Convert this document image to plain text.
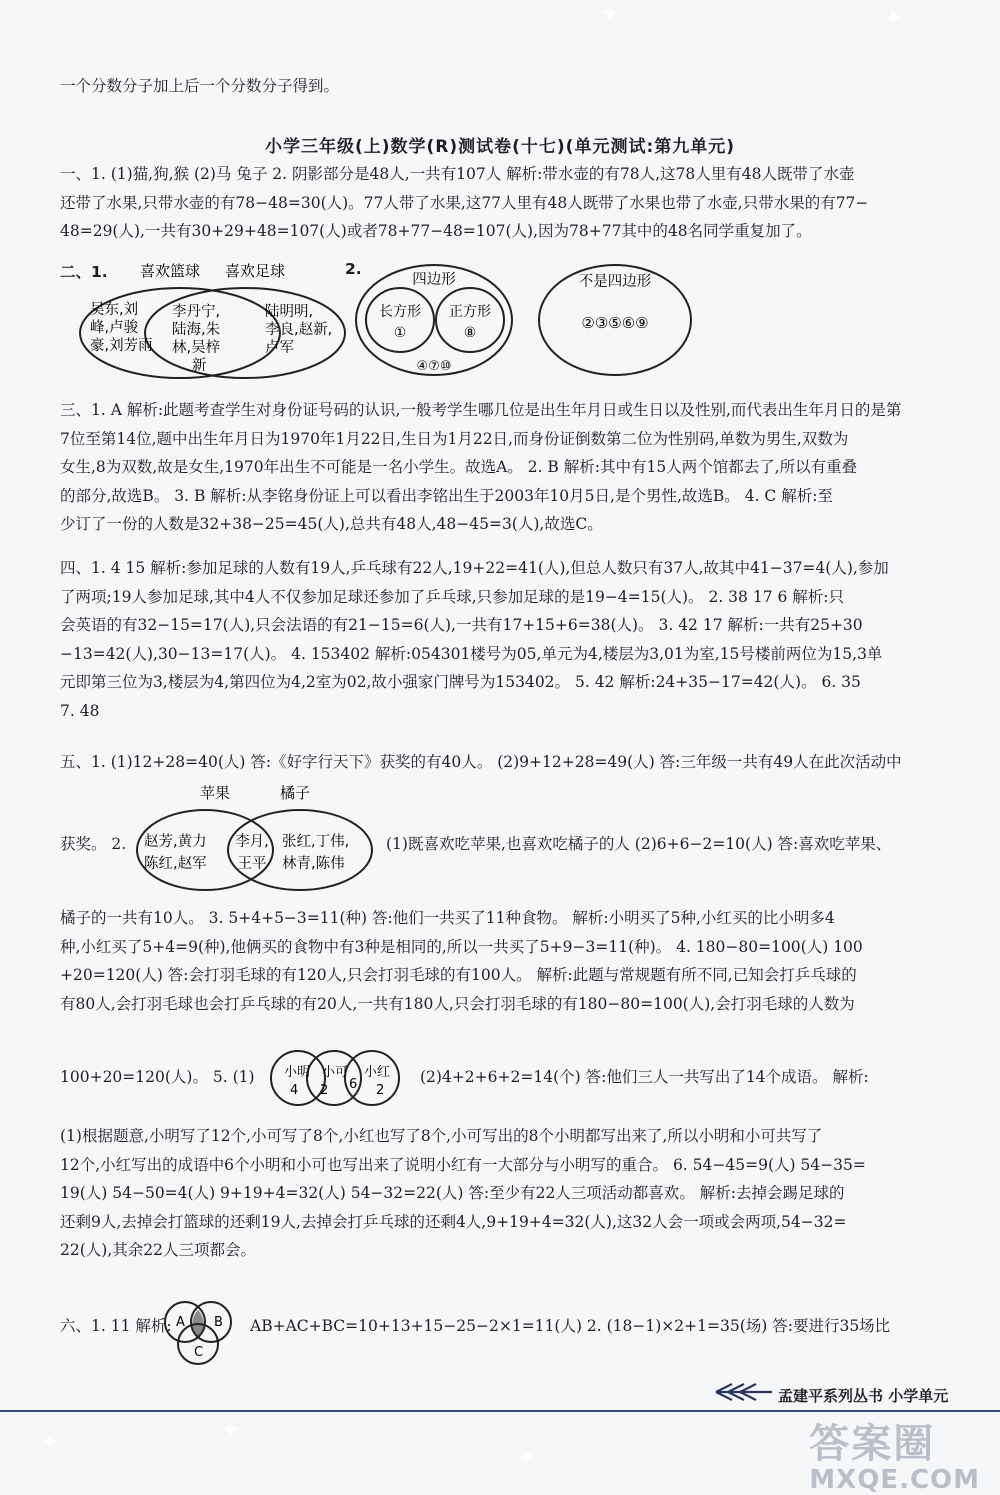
✦	✦
✦	✦
✦
一个分数分子加上后一个分数分子得到。
小学三年级(上)数学(R)测试卷(十七)(单元测试:第九单元)
一、1. (1)猫,狗,猴 (2)马 兔子 2. 阴影部分是48人,一共有107人 解析:带水壶的有78人,这78人里有48人既带了水壶
还带了水果,只带水壶的有78−48=30(人)。77人带了水果,这77人里有48人既带了水果也带了水壶,只带水果的有77−
48=29(人),一共有30+29+48=107(人)或者78+77−48=107(人),因为78+77其中的48名同学重复加了。
二、1. 喜欢篮球 喜欢足球
吴东,刘
峰,卢骏
豪,刘芳雨
李丹宁,
陆海,朱
林,吴梓
新
陆明明,
李良,赵新,
卢军
2.
四边形
长方形
①
正方形
⑧
④⑦⑩
不是四边形
②③⑤⑥⑨
三、1. A 解析:此题考查学生对身份证号码的认识,一般考学生哪几位是出生年月日或生日以及性别,而代表出生年月日的是第
7位至第14位,题中出生年月日为1970年1月22日,生日为1月22日,而身份证倒数第二位为性别码,单数为男生,双数为
女生,8为双数,故是女生,1970年出生不可能是一名小学生。故选A。 2. B 解析:其中有15人两个馆都去了,所以有重叠
的部分,故选B。 3. B 解析:从李铭身份证上可以看出李铭出生于2003年10月5日,是个男性,故选B。 4. C 解析:至
少订了一份的人数是32+38−25=45(人),总共有48人,48−45=3(人),故选C。
四、1. 4 15 解析:参加足球的人数有19人,乒乓球有22人,19+22=41(人),但总人数只有37人,故其中41−37=4(人),参加
了两项;19人参加足球,其中4人不仅参加足球还参加了乒乓球,只参加足球的是19−4=15(人)。 2. 38 17 6 解析:只
会英语的有32−15=17(人),只会法语的有21−15=6(人),一共有17+15+6=38(人)。 3. 42 17 解析:一共有25+30
−13=42(人),30−13=17(人)。 4. 153402 解析:054301楼号为05,单元为4,楼层为3,01为室,15号楼前两位为15,3单
元即第三位为3,楼层为4,第四位为4,2室为02,故小强家门牌号为153402。 5. 42 解析:24+35−17=42(人)。 6. 35
7. 48
五、1. (1)12+28=40(人) 答:《好字行天下》获奖的有40人。 (2)9+12+28=49(人) 答:三年级一共有49人在此次活动中
获奖。 2.
苹果	橘子
赵芳,黄力
陈红,赵军
李月,
王平
张红,丁伟,
林青,陈伟
(1)既喜欢吃苹果,也喜欢吃橘子的人 (2)6+6−2=10(人) 答:喜欢吃苹果、
橘子的一共有10人。 3. 5+4+5−3=11(种) 答:他们一共买了11种食物。 解析:小明买了5种,小红买的比小明多4
种,小红买了5+4=9(种),他俩买的食物中有3种是相同的,所以一共买了5+9−3=11(种)。 4. 180−80=100(人) 100
+20=120(人) 答:会打羽毛球的有120人,只会打羽毛球的有100人。 解析:此题与常规题有所不同,已知会打乒乓球的
有80人,会打羽毛球也会打乒乓球的有20人,一共有180人,只会打羽毛球的有180−80=100(人),会打羽毛球的人数为
100+20=120(人)。 5. (1) 小明
4
小可
2 6
小红
2
(2)4+2+6+2=14(个) 答:他们三人一共写出了14个成语。 解析:
(1)根据题意,小明写了12个,小可写了8个,小红也写了8个,小可写出的8个小明都写出来了,所以小明和小可共写了
12个,小红写出的成语中6个小明和小可也写出来了说明小红有一大部分与小明写的重合。 6. 54−45=9(人) 54−35=
19(人) 54−50=4(人) 9+19+4=32(人) 54−32=22(人) 答:至少有22人三项活动都喜欢。 解析:去掉会踢足球的
还剩9人,去掉会打篮球的还剩19人,去掉会打乒乓球的还剩4人,9+19+4=32(人),这32人会一项或会两项,54−32=
22(人),其余22人三项都会。
六、1. 11 解析: A B
C
AB+AC+BC=10+13+15−25−2×1=11(人) 2. (18−1)×2+1=35(场) 答:要进行35场比
孟建平系列丛书 小学单元
答案圈
MXQE.COM
